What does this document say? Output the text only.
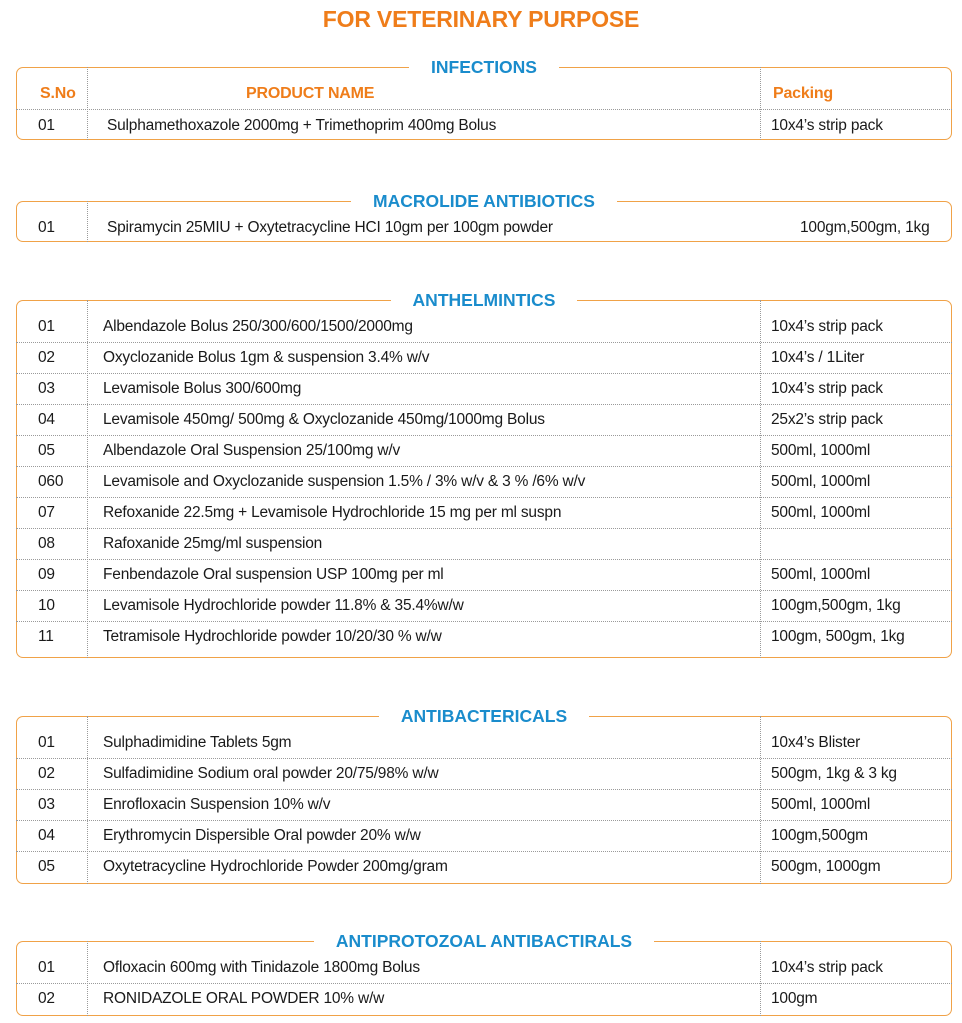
FOR VETERINARY PURPOSE
INFECTIONS
S.No	PRODUCT NAME	Packing
01	Sulphamethoxazole 2000mg + Trimethoprim 400mg Bolus	10x4’s strip pack
MACROLIDE ANTIBIOTICS
01	Spiramycin 25MIU + Oxytetracycline HCI 10gm per 100gm powder	100gm,500gm, 1kg
ANTHELMINTICS
01	Albendazole Bolus 250/300/600/1500/2000mg	10x4’s strip pack
02	Oxyclozanide Bolus 1gm & suspension 3.4% w/v	10x4’s / 1Liter
03	Levamisole Bolus 300/600mg	10x4’s strip pack
04	Levamisole 450mg/ 500mg & Oxyclozanide 450mg/1000mg Bolus	25x2’s strip pack
05	Albendazole Oral Suspension 25/100mg w/v	500ml, 1000ml
060	Levamisole and Oxyclozanide suspension 1.5% / 3% w/v & 3 % /6% w/v	500ml, 1000ml
07	Refoxanide 22.5mg + Levamisole Hydrochloride 15 mg per ml suspn	500ml, 1000ml
08	Rafoxanide 25mg/ml suspension
09	Fenbendazole Oral suspension USP 100mg per ml	500ml, 1000ml
10	Levamisole Hydrochloride powder 11.8% & 35.4%w/w	100gm,500gm, 1kg
11	Tetramisole Hydrochloride powder 10/20/30 % w/w	100gm, 500gm, 1kg
ANTIBACTERICALS
01	Sulphadimidine Tablets 5gm	10x4’s Blister
02	Sulfadimidine Sodium oral powder 20/75/98% w/w	500gm, 1kg & 3 kg
03	Enrofloxacin Suspension 10% w/v	500ml, 1000ml
04	Erythromycin Dispersible Oral powder 20% w/w	100gm,500gm
05	Oxytetracycline Hydrochloride Powder 200mg/gram	500gm, 1000gm
ANTIPROTOZOAL ANTIBACTIRALS
01	Ofloxacin 600mg with Tinidazole 1800mg Bolus	10x4’s strip pack
02	RONIDAZOLE ORAL POWDER 10% w/w	100gm
